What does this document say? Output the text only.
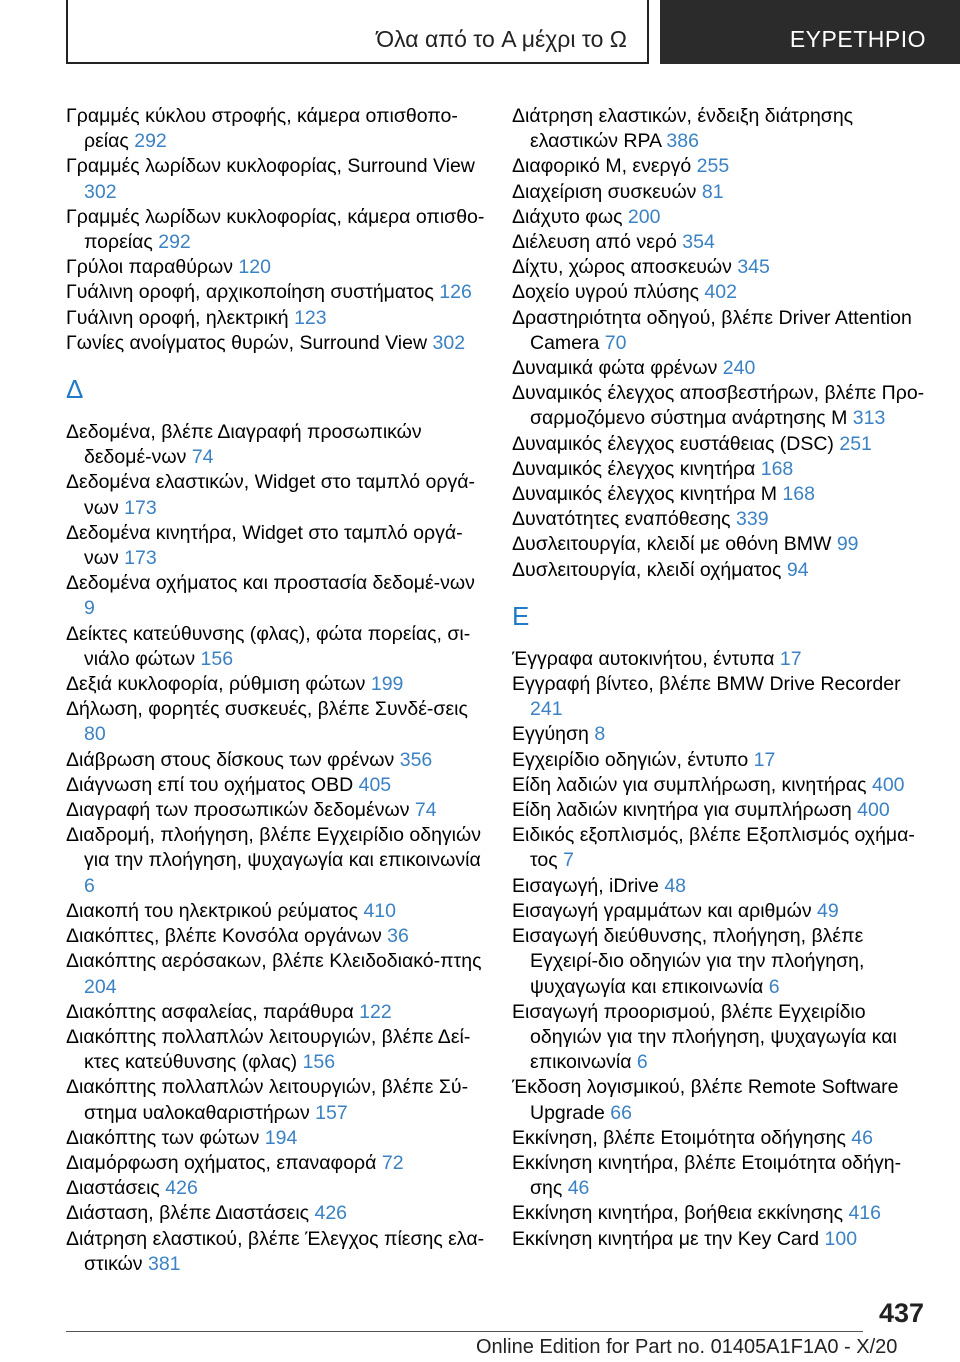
Όλα από το A μέχρι το Ω	ΕΥΡΕΤΗΡΙΟ
Γραμμές κύκλου στροφής, κάμερα οπισθοπο‐ρείας 292
Γραμμές λωρίδων κυκλοφορίας, Surround View 302
Γραμμές λωρίδων κυκλοφορίας, κάμερα οπισθο‐πορείας 292
Γρύλοι παραθύρων 120
Γυάλινη οροφή, αρχικοποίηση συστήματος 126
Γυάλινη οροφή, ηλεκτρική 123
Γωνίες ανοίγματος θυρών, Surround View 302
Δ
Δεδομένα, βλέπε Διαγραφή προσωπικών δεδομέ‐νων 74
Δεδομένα ελαστικών, Widget στο ταμπλό οργά‐νων 173
Δεδομένα κινητήρα, Widget στο ταμπλό οργά‐νων 173
Δεδομένα οχήματος και προστασία δεδομέ‐νων 9
Δείκτες κατεύθυνσης (φλας), φώτα πορείας, σι‐νιάλο φώτων 156
Δεξιά κυκλοφορία, ρύθμιση φώτων 199
Δήλωση, φορητές συσκευές, βλέπε Συνδέ‐σεις 80
Διάβρωση στους δίσκους των φρένων 356
Διάγνωση επί του οχήματος OBD 405
Διαγραφή των προσωπικών δεδομένων 74
Διαδρομή, πλοήγηση, βλέπε Εγχειρίδιο οδηγιών για την πλοήγηση, ψυχαγωγία και επικοινωνία 6
Διακοπή του ηλεκτρικού ρεύματος 410
Διακόπτες, βλέπε Κονσόλα οργάνων 36
Διακόπτης αερόσακων, βλέπε Κλειδοδιακό‐πτης 204
Διακόπτης ασφαλείας, παράθυρα 122
Διακόπτης πολλαπλών λειτουργιών, βλέπε Δεί‐κτες κατεύθυνσης (φλας) 156
Διακόπτης πολλαπλών λειτουργιών, βλέπε Σύ‐στημα υαλοκαθαριστήρων 157
Διακόπτης των φώτων 194
Διαμόρφωση οχήματος, επαναφορά 72
Διαστάσεις 426
Διάσταση, βλέπε Διαστάσεις 426
Διάτρηση ελαστικού, βλέπε Έλεγχος πίεσης ελα‐στικών 381
Διάτρηση ελαστικών, ένδειξη διάτρησης ελαστικών RPA 386
Διαφορικό M, ενεργό 255
Διαχείριση συσκευών 81
Διάχυτο φως 200
Διέλευση από νερό 354
Δίχτυ, χώρος αποσκευών 345
Δοχείο υγρού πλύσης 402
Δραστηριότητα οδηγού, βλέπε Driver Attention Camera 70
Δυναμικά φώτα φρένων 240
Δυναμικός έλεγχος αποσβεστήρων, βλέπε Προ‐σαρμοζόμενο σύστημα ανάρτησης M 313
Δυναμικός έλεγχος ευστάθειας (DSC) 251
Δυναμικός έλεγχος κινητήρα 168
Δυναμικός έλεγχος κινητήρα M 168
Δυνατότητες εναπόθεσης 339
Δυσλειτουργία, κλειδί με οθόνη BMW 99
Δυσλειτουργία, κλειδί οχήματος 94
Ε
Έγγραφα αυτοκινήτου, έντυπα 17
Εγγραφή βίντεο, βλέπε BMW Drive Recorder 241
Εγγύηση 8
Εγχειρίδιο οδηγιών, έντυπο 17
Είδη λαδιών για συμπλήρωση, κινητήρας 400
Είδη λαδιών κινητήρα για συμπλήρωση 400
Ειδικός εξοπλισμός, βλέπε Εξοπλισμός οχήμα‐τος 7
Εισαγωγή, iDrive 48
Εισαγωγή γραμμάτων και αριθμών 49
Εισαγωγή διεύθυνσης, πλοήγηση, βλέπε Εγχειρί‐διο οδηγιών για την πλοήγηση, ψυχαγωγία και επικοινωνία 6
Εισαγωγή προορισμού, βλέπε Εγχειρίδιο οδηγιών για την πλοήγηση, ψυχαγωγία και επικοινωνία 6
Έκδοση λογισμικού, βλέπε Remote Software Upgrade 66
Εκκίνηση, βλέπε Ετοιμότητα οδήγησης 46
Εκκίνηση κινητήρα, βλέπε Ετοιμότητα οδήγη‐σης 46
Εκκίνηση κινητήρα, βοήθεια εκκίνησης 416
Εκκίνηση κινητήρα με την Key Card 100
437
Online Edition for Part no. 01405A1F1A0 - X/20
